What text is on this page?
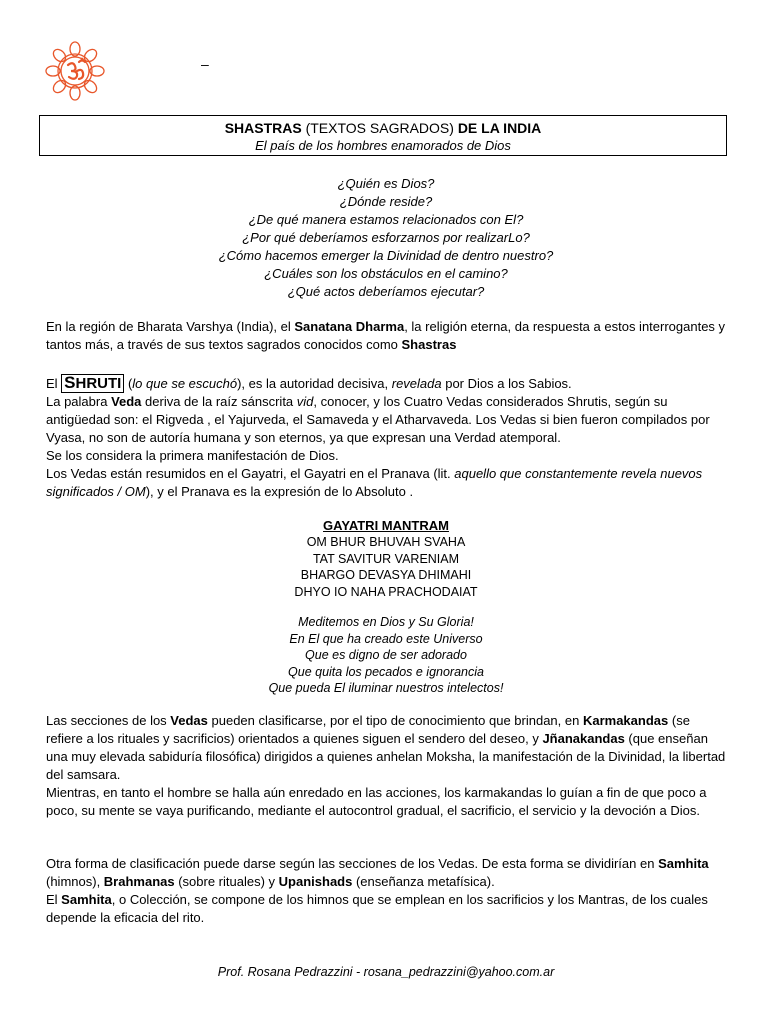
–
SHASTRAS (TEXTOS SAGRADOS) DE LA INDIA
El país de los hombres enamorados de Dios
¿Quién es Dios?
¿Dónde reside?
¿De qué manera estamos relacionados con El?
¿Por qué deberíamos esforzarnos por realizarLo?
¿Cómo hacemos emerger la Divinidad de dentro nuestro?
¿Cuáles son los obstáculos en el camino?
¿Qué actos deberíamos ejecutar?
En la región de Bharata Varshya (India), el Sanatana Dharma, la religión eterna, da respuesta a estos interrogantes y tantos más, a través de sus textos sagrados conocidos como Shastras
El SHRUTI (lo que se escuchó), es la autoridad decisiva, revelada por Dios a los Sabios.
La palabra Veda deriva de la raíz sánscrita vid, conocer, y los Cuatro Vedas considerados Shrutis, según su antigüedad son: el Rigveda , el Yajurveda, el Samaveda y el Atharvaveda. Los Vedas si bien fueron compilados por Vyasa, no son de autoría humana y son eternos, ya que expresan una Verdad atemporal.
Se los considera la primera manifestación de Dios.
Los Vedas están resumidos en el Gayatri, el Gayatri en el Pranava (lit. aquello que constantemente revela nuevos significados / OM), y el Pranava es la expresión de lo Absoluto .
GAYATRI MANTRAM
OM BHUR BHUVAH SVAHA
TAT SAVITUR VARENIAM
BHARGO DEVASYA DHIMAHI
DHYO IO NAHA PRACHODAIAT
Meditemos en Dios y Su Gloria!
En El que ha creado este Universo
Que es digno de ser adorado
Que quita los pecados e ignorancia
Que pueda El iluminar nuestros intelectos!
Las secciones de los Vedas pueden clasificarse, por el tipo de conocimiento que brindan, en Karmakandas (se refiere a los rituales y sacrificios) orientados a quienes siguen el sendero del deseo, y Jñanakandas (que enseñan una muy elevada sabiduría filosófica) dirigidos a quienes anhelan Moksha, la manifestación de la Divinidad, la libertad del samsara.
Mientras, en tanto el hombre se halla aún enredado en las acciones, los karmakandas lo guían a fin de que poco a poco, su mente se vaya purificando, mediante el autocontrol gradual, el sacrificio, el servicio y la devoción a Dios.
Otra forma de clasificación puede darse según las secciones de los Vedas. De esta forma se dividirían en Samhita (himnos), Brahmanas (sobre rituales) y Upanishads (enseñanza metafísica).
El Samhita, o Colección, se compone de los himnos que se emplean en los sacrificios y los Mantras, de los cuales depende la eficacia del rito.
Prof. Rosana Pedrazzini - rosana_pedrazzini@yahoo.com.ar
